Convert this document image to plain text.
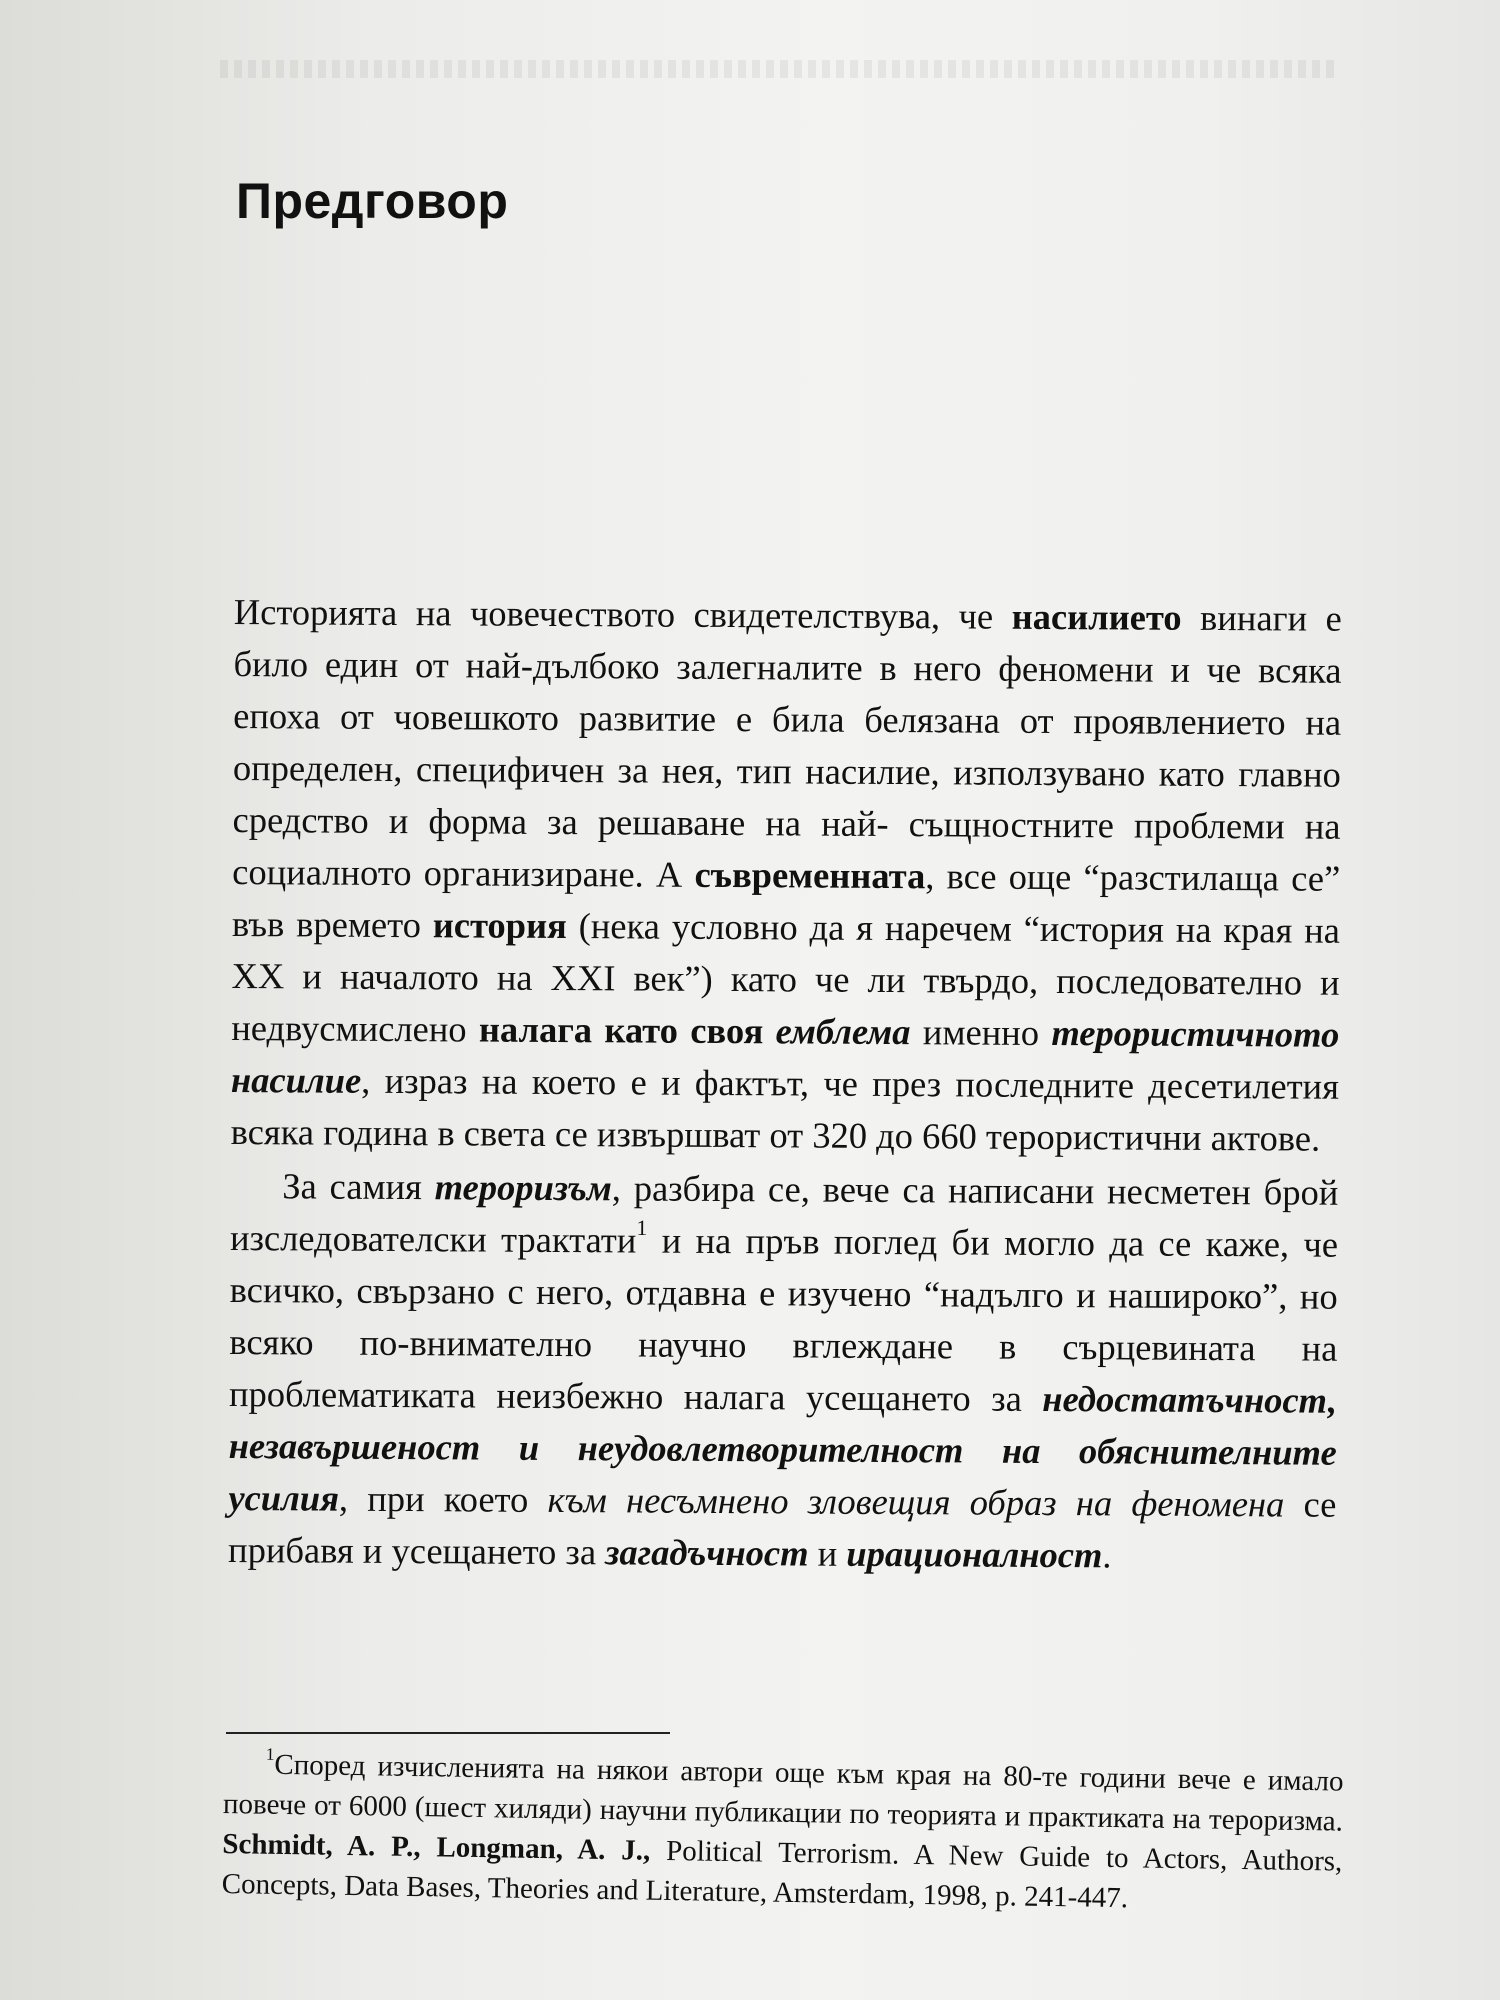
Предговор

Историята на човечеството свидетелствува, че насилието винаги е било един от най-дълбоко залегналите в него феномени и че всяка епоха от човешкото развитие е била белязана от проявлението на определен, специфичен за нея, тип насилие, използувано като главно средство и форма за решаване на най- същностните проблеми на социалното организиране. А съвременната, все още “разстилаща се” във времето история (нека условно да я наречем “история на края на XX и началото на XXI век”) като че ли твърдо, последователно и недвусмислено налага като своя емблема именно терористичното насилие, израз на което е и фактът, че през последните десетилетия всяка година в света се извършват от 320 до 660 терористични актове.

За самия тероризъм, разбира се, вече са написани несметен брой изследователски трактати$^1$ и на пръв поглед би могло да се каже, че всичко, свързано с него, отдавна е изучено “надълго и нашироко”, но всяко по-внимателно научно вглеждане в сърцевината на проблематиката неизбежно налага усещането за недостатъчност, незавършеност и неудовлетворителност на обяснителните усилия, при което към несъмнено зловещия образ на феномена се прибавя и усещането за загадъчност и ирационалност.

$^1$Според изчисленията на някои автори още към края на 80-те години вече е имало повече от 6000 (шест хиляди) научни публикации по теорията и практиката на тероризма. Schmidt, A. P., Longman, A. J., Political Terrorism. A New Guide to Actors, Authors, Concepts, Data Bases, Theories and Literature, Amsterdam, 1998, p. 241-447.
